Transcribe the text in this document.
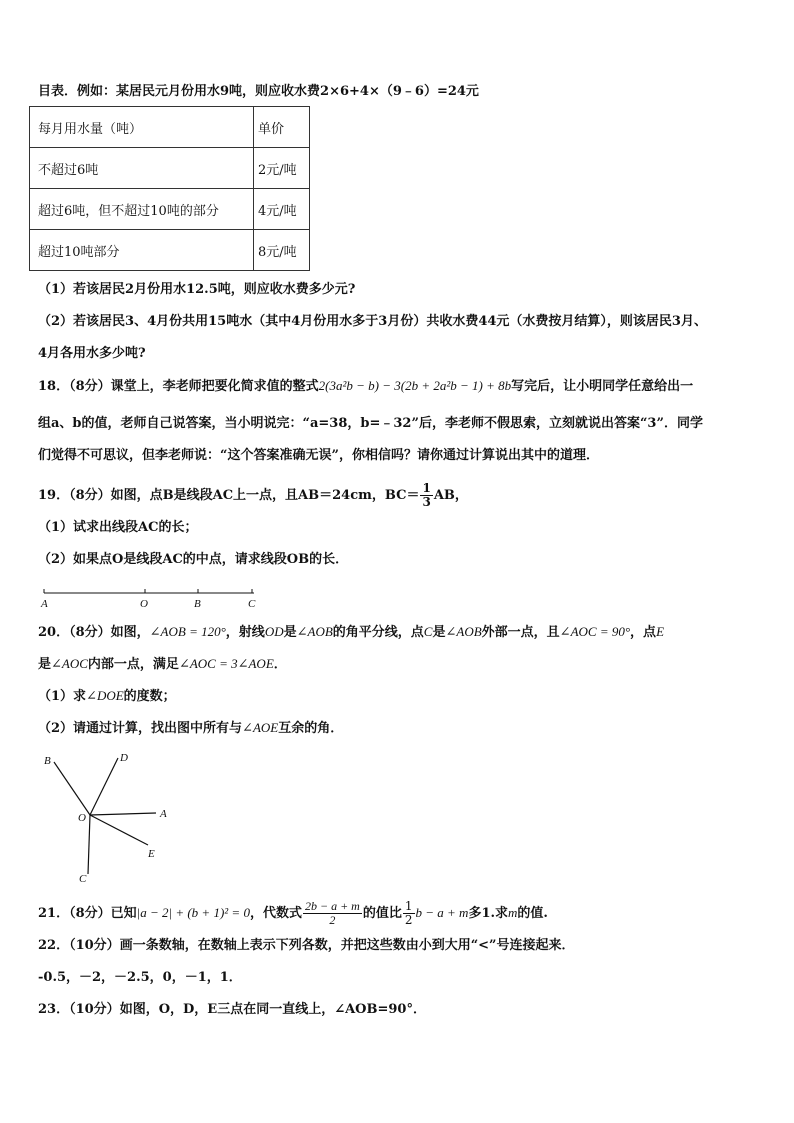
目表．例如：某居民元月份用水9吨，则应收水费2×6+4×（9﹣6）=24元
每月用水量（吨）	单价
不超过6吨	2元/吨
超过6吨，但不超过10吨的部分	4元/吨
超过10吨部分	8元/吨
（1）若该居民2月份用水12.5吨，则应收水费多少元?
（2）若该居民3、4月份共用15吨水（其中4月份用水多于3月份）共收水费44元（水费按月结算），则该居民3月、
4月各用水多少吨?
18．（8分）课堂上，李老师把要化简求值的整式2(3a²b − b) − 3(2b + 2a²b − 1) + 8b写完后，让小明同学任意给出一
组a、b的值，老师自己说答案，当小明说完：“a=38，b=﹣32”后，李老师不假思索，立刻就说出答案“3”．同学
们觉得不可思议，但李老师说：“这个答案准确无误”，你相信吗？请你通过计算说出其中的道理．
19．（8分）如图，点B是线段AC上一点，且AB＝24cm，$BC= \frac{1}{3}$ AB，
（1）试求出线段AC的长；
（2）如果点O是线段AC的中点，请求线段OB的长．
A	O	B	C
20．（8分）如图，∠AOB = 120°，射线OD是∠AOB的角平分线，点C是∠AOB外部一点，且∠AOC = 90°，点E
是∠AOC内部一点，满足∠AOC = 3∠AOE．
（1）求∠DOE的度数；
（2）请通过计算，找出图中所有与∠AOE互余的角．
B	D
O	A
E
C
21．（8分）已知|a − 2| + (b + 1)² = 0，代数式 $\frac{2b - a + m}{2}$ 的值比 $\frac{1}{2}$ b − a + m多1.求m的值.
22．（10分）画一条数轴，在数轴上表示下列各数，并把这些数由小到大用“<”号连接起来．
-0.5，－2，－2.5，0，－1，1．
23．（10分）如图，O，D，E三点在同一直线上，∠AOB=90°．
